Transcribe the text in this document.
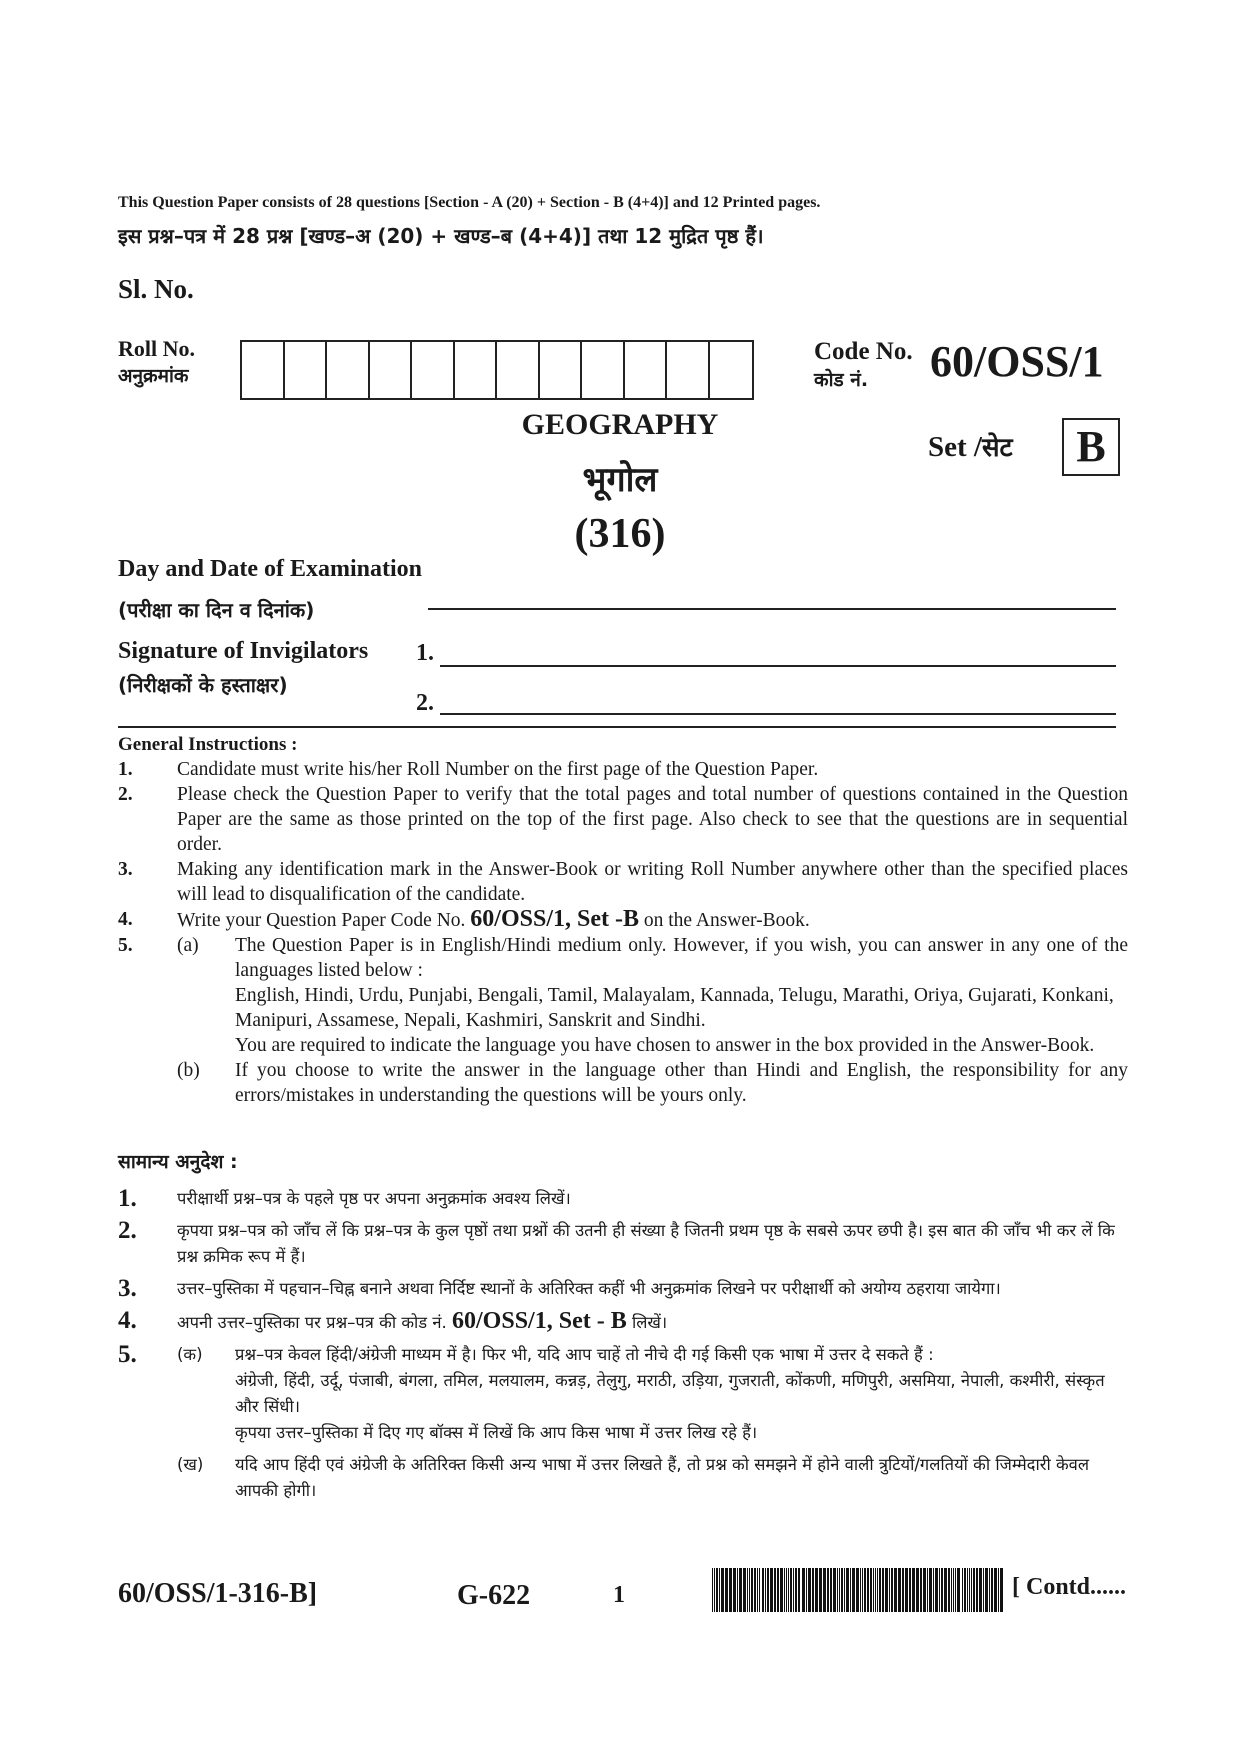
This Question Paper consists of 28 questions [Section - A (20) + Section - B (4+4)] and 12 Printed pages.
इस प्रश्न–पत्र में 28 प्रश्न [खण्ड–अ (20) + खण्ड–ब (4+4)] तथा 12 मुद्रित पृष्ठ हैं।
Sl. No.
Roll No.
अनुक्रमांक
Code No.
कोड नं. 60/OSS/1
GEOGRAPHY
भूगोल
(316)
Set /सेट	B
Day and Date of Examination
(परीक्षा का दिन व दिनांक)
Signature of Invigilators
(निरीक्षकों के हस्ताक्षर)
1.
2.
General Instructions :
1.	Candidate must write his/her Roll Number on the first page of the Question Paper.
2.	Please check the Question Paper to verify that the total pages and total number of questions contained in the Question Paper are the same as those printed on the top of the first page. Also check to see that the questions are in sequential order.
3.	Making any identification mark in the Answer-Book or writing Roll Number anywhere other than the specified places will lead to disqualification of the candidate.
4.	Write your Question Paper Code No. 60/OSS/1, Set -B on the Answer-Book.
5.	(a)	The Question Paper is in English/Hindi medium only. However, if you wish, you can answer in any one of the languages listed below :
English, Hindi, Urdu, Punjabi, Bengali, Tamil, Malayalam, Kannada, Telugu, Marathi, Oriya, Gujarati, Konkani, Manipuri, Assamese, Nepali, Kashmiri, Sanskrit and Sindhi.
You are required to indicate the language you have chosen to answer in the box provided in the Answer-Book.
(b)	If you choose to write the answer in the language other than Hindi and English, the responsibility for any errors/mistakes in understanding the questions will be yours only.
सामान्य अनुदेश :
1.	परीक्षार्थी प्रश्न–पत्र के पहले पृष्ठ पर अपना अनुक्रमांक अवश्य लिखें।
2.	कृपया प्रश्न–पत्र को जाँच लें कि प्रश्न–पत्र के कुल पृष्ठों तथा प्रश्नों की उतनी ही संख्या है जितनी प्रथम पृष्ठ के सबसे ऊपर छपी है। इस बात की जाँच भी कर लें कि प्रश्न क्रमिक रूप में हैं।
3.	उत्तर–पुस्तिका में पहचान–चिह्न बनाने अथवा निर्दिष्ट स्थानों के अतिरिक्त कहीं भी अनुक्रमांक लिखने पर परीक्षार्थी को अयोग्य ठहराया जायेगा।
4.	अपनी उत्तर–पुस्तिका पर प्रश्न–पत्र की कोड नं. 60/OSS/1, Set - B लिखें।
5.	(क)	प्रश्न–पत्र केवल हिंदी/अंग्रेजी माध्यम में है। फिर भी, यदि आप चाहें तो नीचे दी गई किसी एक भाषा में उत्तर दे सकते हैं :
अंग्रेजी, हिंदी, उर्दू, पंजाबी, बंगला, तमिल, मलयालम, कन्नड़, तेलुगु, मराठी, उड़िया, गुजराती, कोंकणी, मणिपुरी, असमिया, नेपाली, कश्मीरी, संस्कृत और सिंधी।
कृपया उत्तर–पुस्तिका में दिए गए बॉक्स में लिखें कि आप किस भाषा में उत्तर लिख रहे हैं।
(ख)	यदि आप हिंदी एवं अंग्रेजी के अतिरिक्त किसी अन्य भाषा में उत्तर लिखते हैं, तो प्रश्न को समझने में होने वाली त्रुटियों/गलतियों की जिम्मेदारी केवल आपकी होगी।
60/OSS/1-316-B]	G-622	1	[ Contd......
